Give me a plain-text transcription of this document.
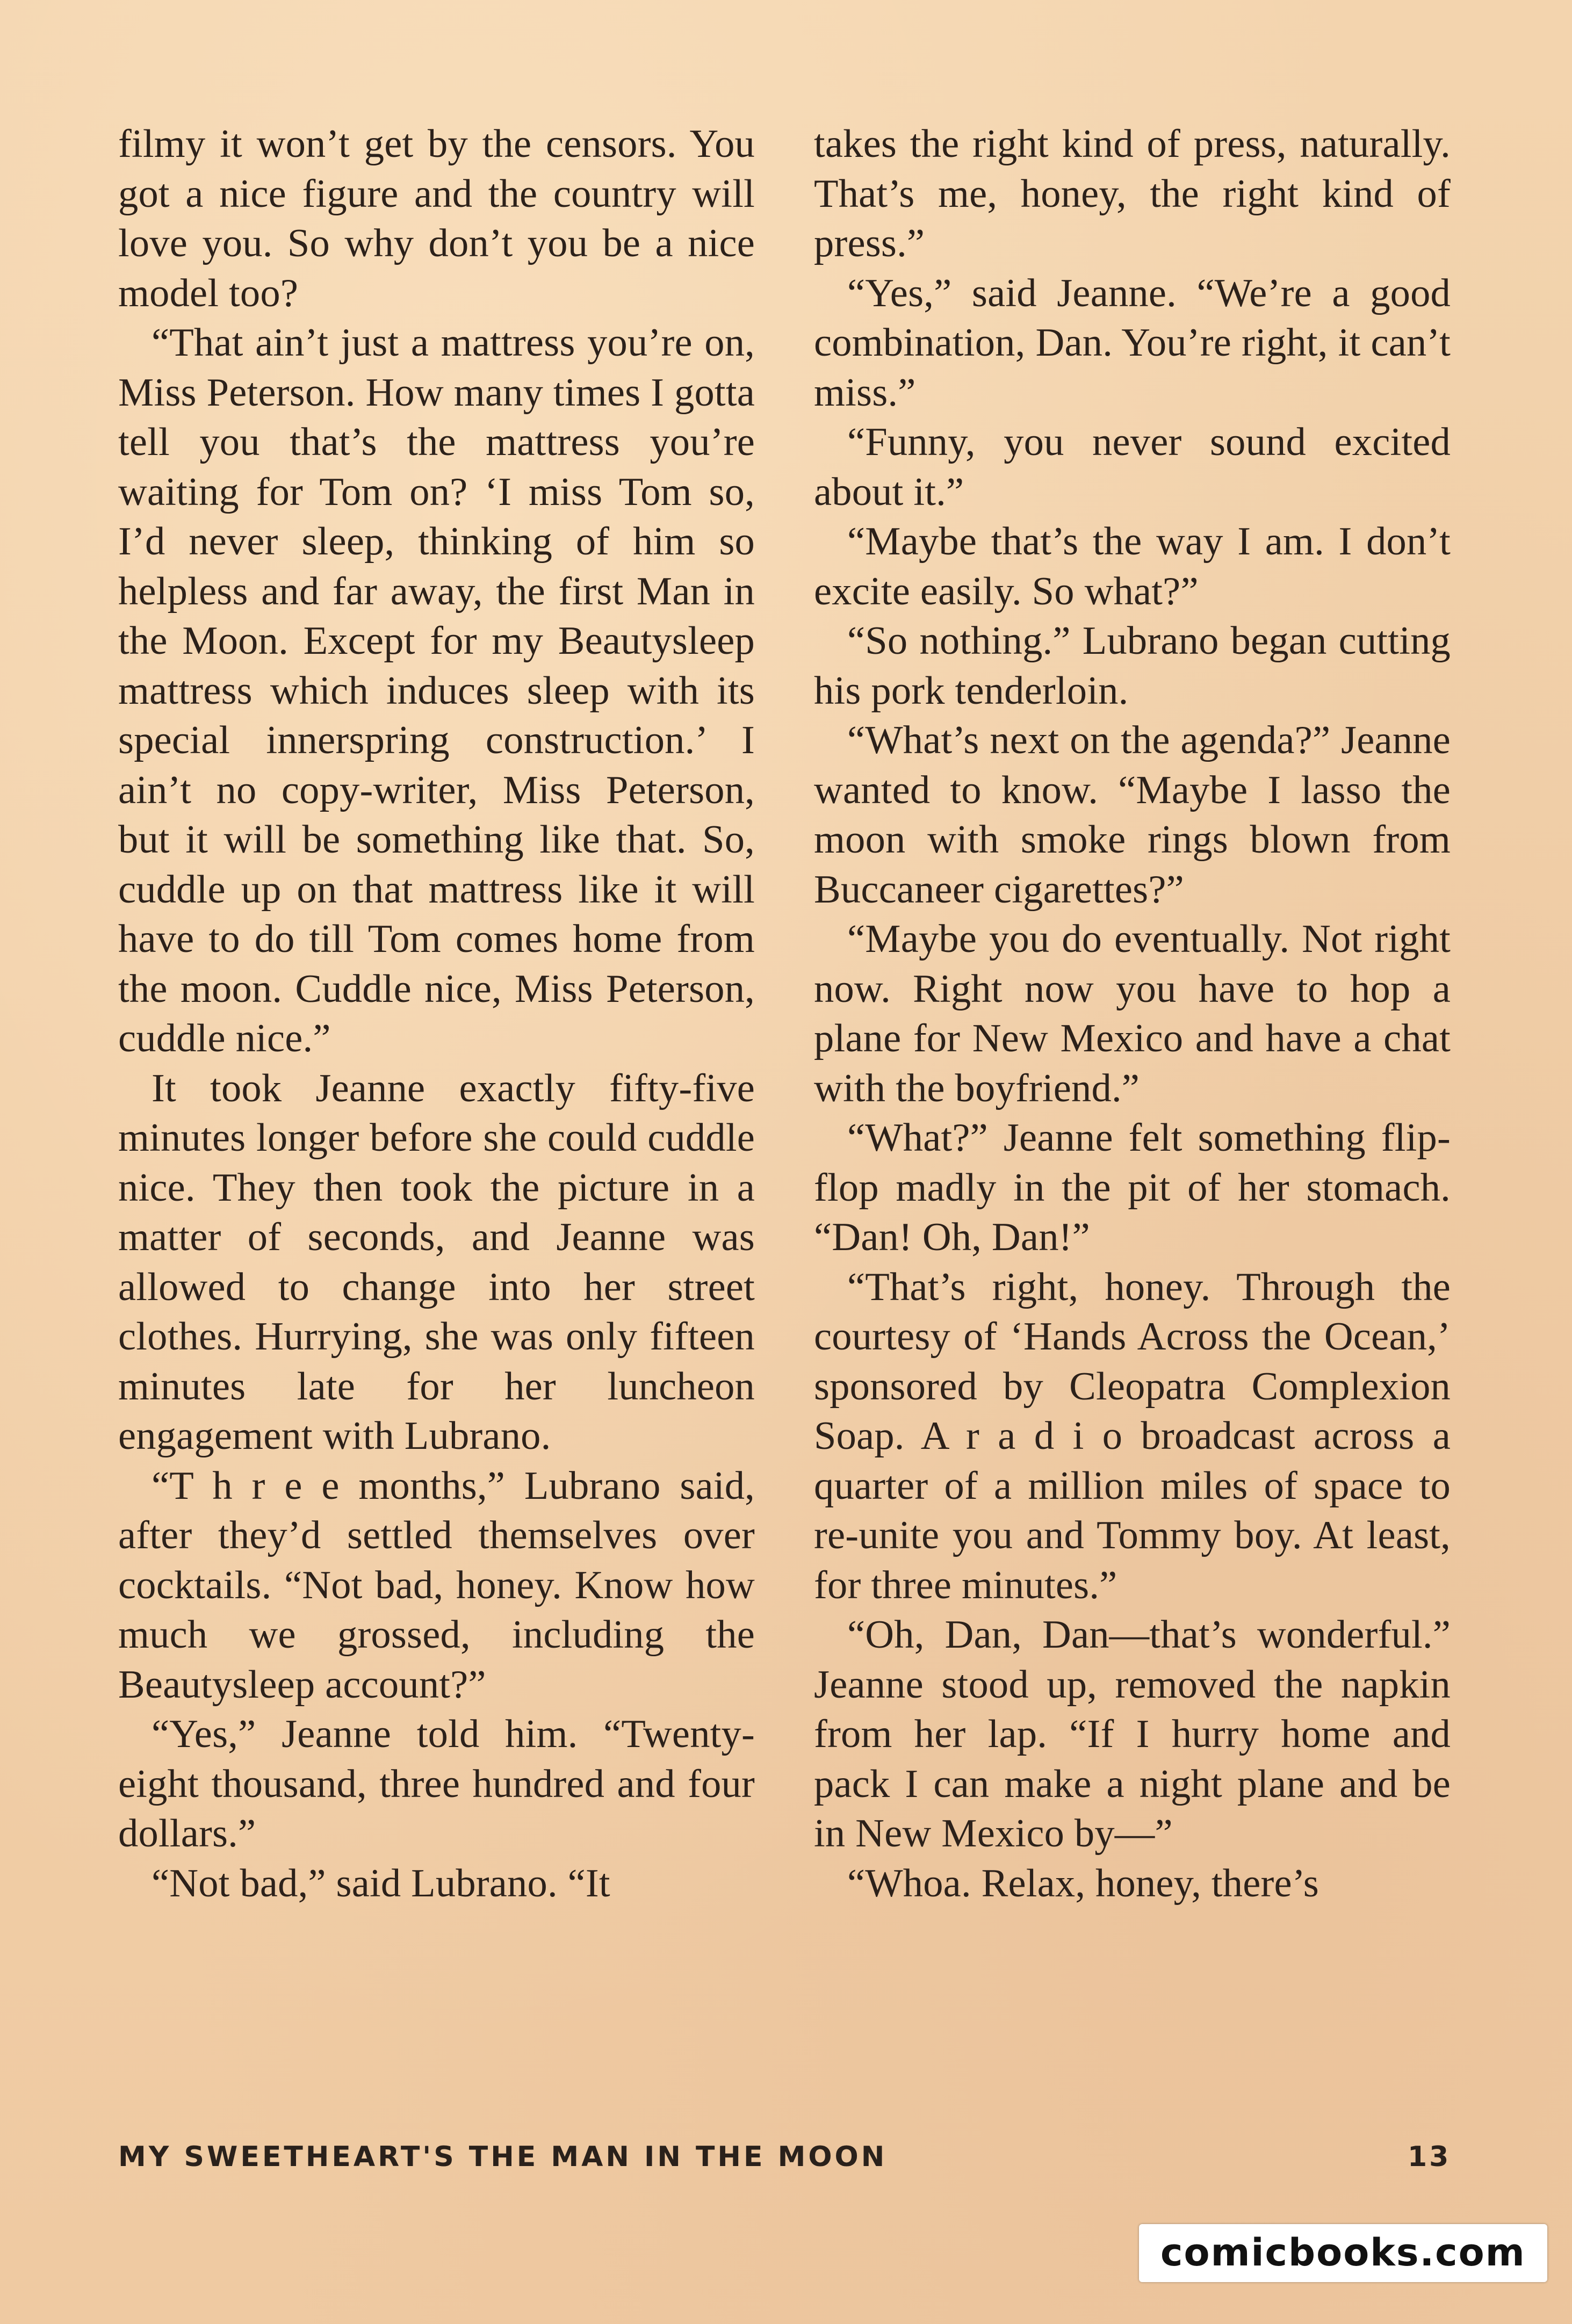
filmy it won’t get by the censors. You got a nice figure and the country will love you. So why don’t you be a nice model too?

“That ain’t just a mattress you’re on, Miss Peterson. How many times I gotta tell you that’s the mattress you’re waiting for Tom on? ‘I miss Tom so, I’d never sleep, thinking of him so helpless and far away, the first Man in the Moon. Except for my Beautysleep mattress which induces sleep with its special innerspring construction.’ I ain’t no copy-writer, Miss Peterson, but it will be something like that. So, cuddle up on that mattress like it will have to do till Tom comes home from the moon. Cuddle nice, Miss Peterson, cuddle nice.”

It took Jeanne exactly fifty-five minutes longer before she could cuddle nice. They then took the picture in a matter of seconds, and Jeanne was allowed to change into her street clothes. Hurrying, she was only fifteen minutes late for her luncheon engagement with Lubrano.

“T h r e e months,” Lubrano said, after they’d settled themselves over cocktails. “Not bad, honey. Know how much we grossed, including the Beautysleep account?”

“Yes,” Jeanne told him. “Twenty-eight thousand, three hundred and four dollars.”

“Not bad,” said Lubrano. “It

takes the right kind of press, naturally. That’s me, honey, the right kind of press.”

“Yes,” said Jeanne. “We’re a good combination, Dan. You’re right, it can’t miss.”

“Funny, you never sound excited about it.”

“Maybe that’s the way I am. I don’t excite easily. So what?”

“So nothing.” Lubrano began cutting his pork tenderloin.

“What’s next on the agenda?” Jeanne wanted to know. “Maybe I lasso the moon with smoke rings blown from Buccaneer cigarettes?”

“Maybe you do eventually. Not right now. Right now you have to hop a plane for New Mexico and have a chat with the boyfriend.”

“What?” Jeanne felt something flip-flop madly in the pit of her stomach. “Dan! Oh, Dan!”

“That’s right, honey. Through the courtesy of ‘Hands Across the Ocean,’ sponsored by Cleopatra Complexion Soap. A r a d i o broadcast across a quarter of a million miles of space to re-unite you and Tommy boy. At least, for three minutes.”

“Oh, Dan, Dan—that’s wonderful.” Jeanne stood up, removed the napkin from her lap. “If I hurry home and pack I can make a night plane and be in New Mexico by—”

“Whoa. Relax, honey, there’s

MY SWEETHEART'S THE MAN IN THE MOON	13
comicbooks.com
